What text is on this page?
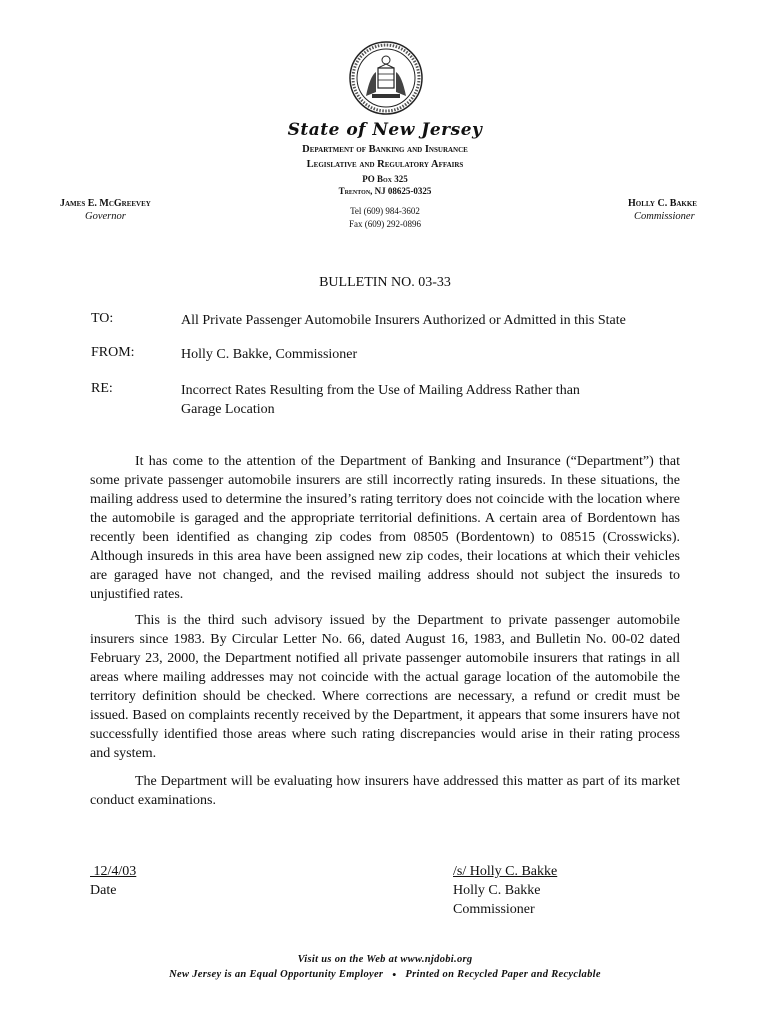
State of New Jersey
Department of Banking and Insurance
Legislative and Regulatory Affairs
PO Box 325
Trenton, NJ 08625-0325
Tel (609) 984-3602
Fax (609) 292-0896
James E. McGreevey
Governor
Holly C. Bakke
Commissioner
BULLETIN NO. 03-33
TO:	All Private Passenger Automobile Insurers Authorized or Admitted in this State
FROM:	Holly C. Bakke, Commissioner
RE:	Incorrect Rates Resulting from the Use of Mailing Address Rather than
Garage Location

It has come to the attention of the Department of Banking and Insurance (“Department”) that some private passenger automobile insurers are still incorrectly rating insureds. In these situations, the mailing address used to determine the insured’s rating territory does not coincide with the location where the automobile is garaged and the appropriate territorial definitions. A certain area of Bordentown has recently been identified as changing zip codes from 08505 (Bordentown) to 08515 (Crosswicks). Although insureds in this area have been assigned new zip codes, their locations at which their vehicles are garaged have not changed, and the revised mailing address should not subject the insureds to unjustified rates.

This is the third such advisory issued by the Department to private passenger automobile insurers since 1983. By Circular Letter No. 66, dated August 16, 1983, and Bulletin No. 00-02 dated February 23, 2000, the Department notified all private passenger automobile insurers that ratings in all areas where mailing addresses may not coincide with the actual garage location of the automobile the territory definition should be checked. Where corrections are necessary, a refund or credit must be issued. Based on complaints recently received by the Department, it appears that some insurers have not successfully identified those areas where such rating discrepancies would arise in their rating process and system.

The Department will be evaluating how insurers have addressed this matter as part of its market conduct examinations.

12/4/03
Date
/s/ Holly C. Bakke
Holly C. Bakke
Commissioner
Visit us on the Web at www.njdobi.org
New Jersey is an Equal Opportunity Employer ● Printed on Recycled Paper and Recyclable
